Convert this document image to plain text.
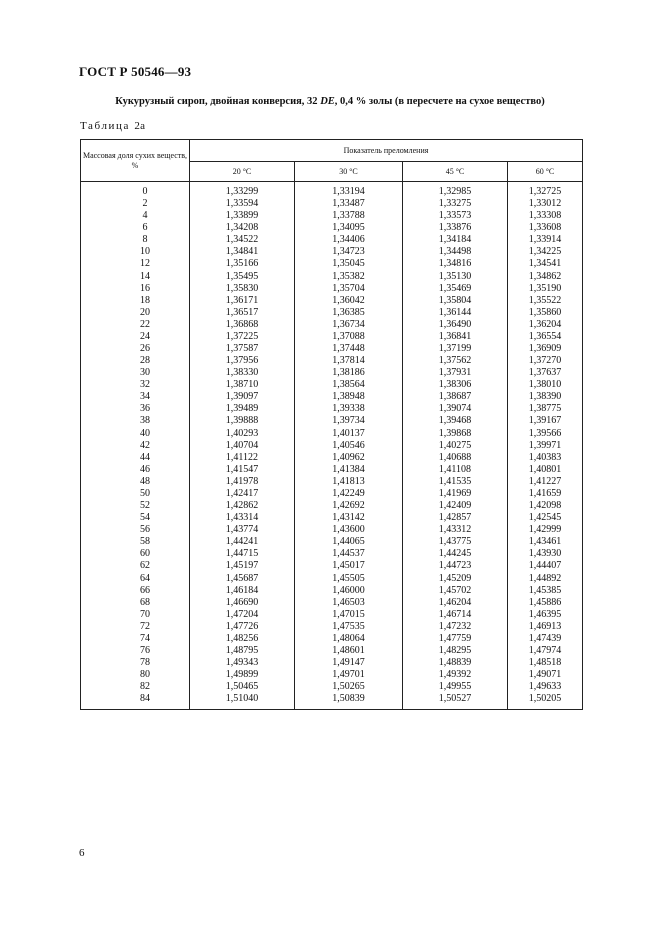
ГОСТ Р 50546—93
Кукурузный сироп, двойная конверсия, 32 DE, 0,4 % золы (в пересчете на сухое вещество)
Таблица 2а
Массовая доля сухих веществ, %	Показатель преломления			
	20 °С	30 °С	45 °С	60 °С
0	1,33299	1,33194	1,32985	1,32725
2	1,33594	1,33487	1,33275	1,33012
4	1,33899	1,33788	1,33573	1,33308
6	1,34208	1,34095	1,33876	1,33608
8	1,34522	1,34406	1,34184	1,33914
10	1,34841	1,34723	1,34498	1,34225
12	1,35166	1,35045	1,34816	1,34541
14	1,35495	1,35382	1,35130	1,34862
16	1,35830	1,35704	1,35469	1,35190
18	1,36171	1,36042	1,35804	1,35522
20	1,36517	1,36385	1,36144	1,35860
22	1,36868	1,36734	1,36490	1,36204
24	1,37225	1,37088	1,36841	1,36554
26	1,37587	1,37448	1,37199	1,36909
28	1,37956	1,37814	1,37562	1,37270
30	1,38330	1,38186	1,37931	1,37637
32	1,38710	1,38564	1,38306	1,38010
34	1,39097	1,38948	1,38687	1,38390
36	1,39489	1,39338	1,39074	1,38775
38	1,39888	1,39734	1,39468	1,39167
40	1,40293	1,40137	1,39868	1,39566
42	1,40704	1,40546	1,40275	1,39971
44	1,41122	1,40962	1,40688	1,40383
46	1,41547	1,41384	1,41108	1,40801
48	1,41978	1,41813	1,41535	1,41227
50	1,42417	1,42249	1,41969	1,41659
52	1,42862	1,42692	1,42409	1,42098
54	1,43314	1,43142	1,42857	1,42545
56	1,43774	1,43600	1,43312	1,42999
58	1,44241	1,44065	1,43775	1,43461
60	1,44715	1,44537	1,44245	1,43930
62	1,45197	1,45017	1,44723	1,44407
64	1,45687	1,45505	1,45209	1,44892
66	1,46184	1,46000	1,45702	1,45385
68	1,46690	1,46503	1,46204	1,45886
70	1,47204	1,47015	1,46714	1,46395
72	1,47726	1,47535	1,47232	1,46913
74	1,48256	1,48064	1,47759	1,47439
76	1,48795	1,48601	1,48295	1,47974
78	1,49343	1,49147	1,48839	1,48518
80	1,49899	1,49701	1,49392	1,49071
82	1,50465	1,50265	1,49955	1,49633
84	1,51040	1,50839	1,50527	1,50205
6
